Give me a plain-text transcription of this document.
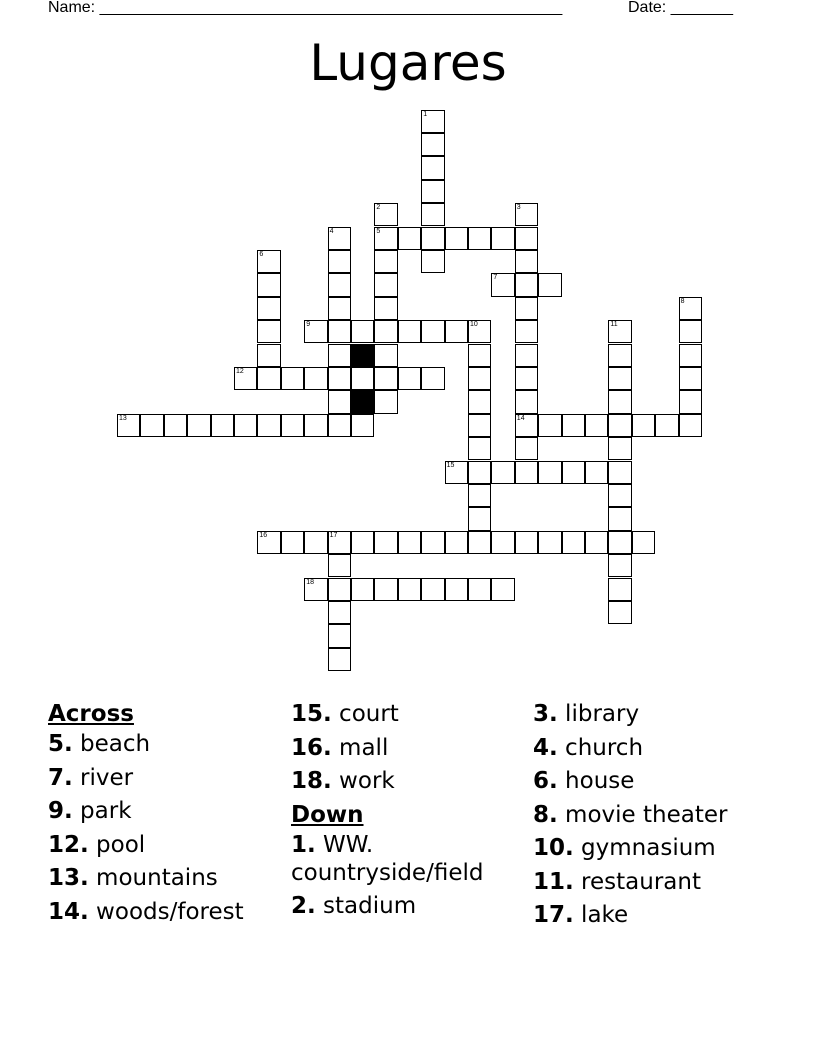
Name: ____________________________________________________	Date: _______
Lugares
1
2
5
3
14
4
6
7
8
9	10	11
12
13
15
16	17
18
Across
5. beach
7. river
9. park
12. pool
13. mountains
14. woods/forest
15. court
16. mall
18. work
Down
1. WW. countryside/field
2. stadium
3. library
4. church
6. house
8. movie theater
10. gymnasium
11. restaurant
17. lake
